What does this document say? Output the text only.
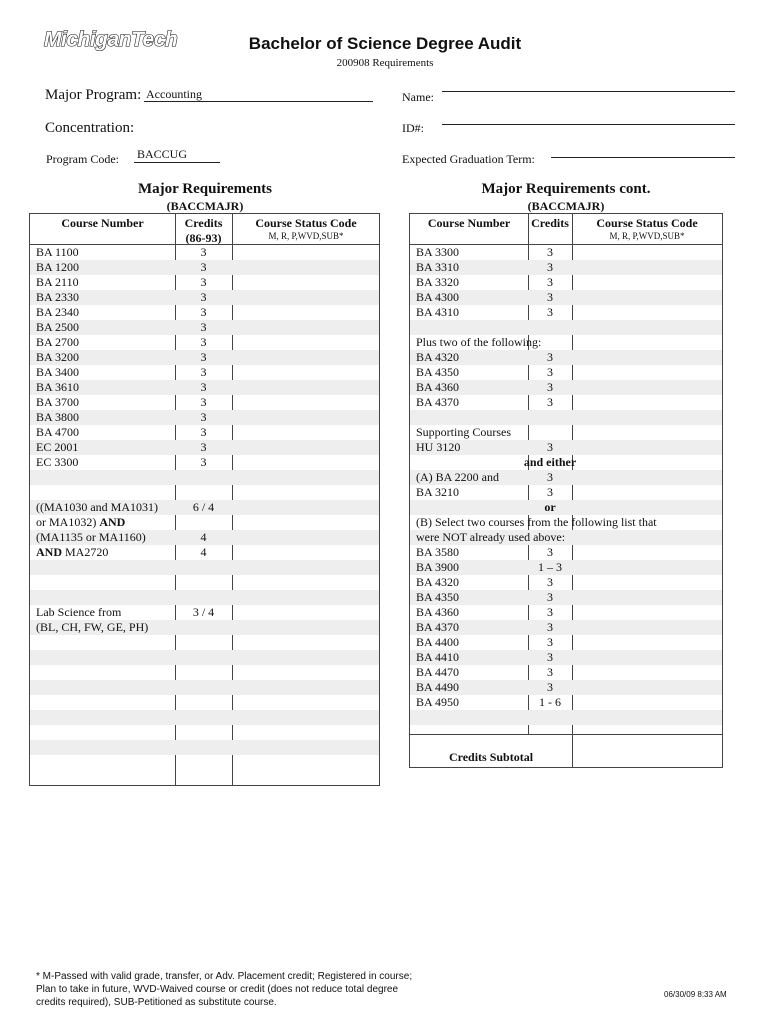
MichiganTech	Bachelor of Science Degree Audit
200908 Requirements
Major Program: Accounting
Concentration:
Program Code: BACCUG
Name:
ID#:
Expected Graduation Term:
Major Requirements
(BACCMAJR)
Course Number	Credits
(86-93)
Course Status Code
M, R, P,WVD,SUB*
BA 1100	3
BA 1200	3
BA 2110	3
BA 2330	3
BA 2340	3
BA 2500	3
BA 2700	3
BA 3200	3
BA 3400	3
BA 3610	3
BA 3700	3
BA 3800	3
BA 4700	3
EC 2001	3
EC 3300	3
((MA1030 and MA1031)	6 / 4
or MA1032) AND
(MA1135 or MA1160)	4
AND MA2720	4
Lab Science from	3 / 4
(BL, CH, FW, GE, PH)
Major Requirements cont.
(BACCMAJR)
Course Number	Credits	Course Status Code
M, R, P,WVD,SUB*
BA 3300	3
BA 3310	3
BA 3320	3
BA 4300	3
BA 4310	3
Plus two of the following:
BA 4320	3
BA 4350	3
BA 4360	3
BA 4370	3
Supporting Courses
HU 3120	3
and either
(A) BA 2200 and	3
BA 3210	3
or
(B) Select two courses from the following list that
were NOT already used above:
BA 3580	3
BA 3900	1 – 3
BA 4320	3
BA 4350	3
BA 4360	3
BA 4370	3
BA 4400	3
BA 4410	3
BA 4470	3
BA 4490	3
BA 4950	1 - 6
Credits Subtotal
* M-Passed with valid grade, transfer, or Adv. Placement credit; Registered in course; Plan to take in future, WVD-Waived course or credit (does not reduce total degree credits required), SUB-Petitioned as substitute course.
06/30/09 8:33 AM
